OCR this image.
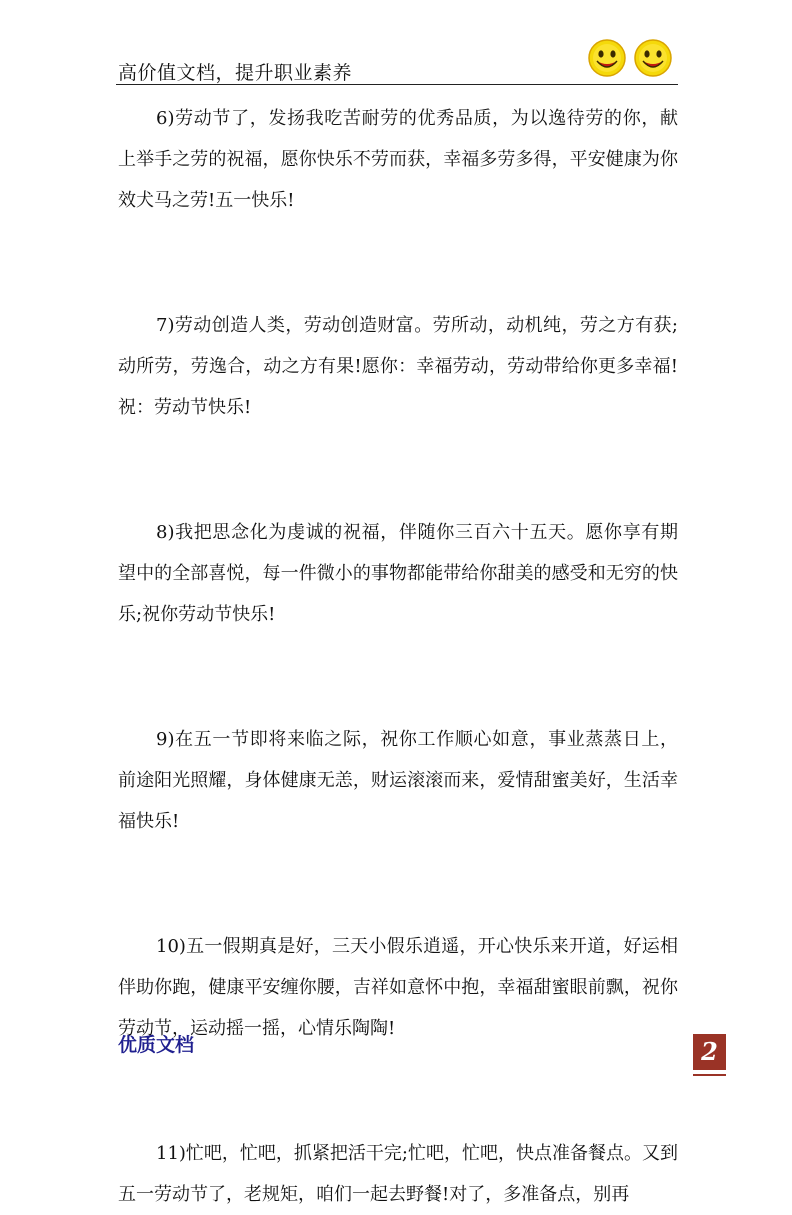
高价值文档，提升职业素养

6)劳动节了，发扬我吃苦耐劳的优秀品质，为以逸待劳的你，献上举手之劳的祝福，愿你快乐不劳而获，幸福多劳多得，平安健康为你效犬马之劳!五一快乐!

7)劳动创造人类，劳动创造财富。劳所动，动机纯，劳之方有获;动所劳，劳逸合，动之方有果!愿你：幸福劳动，劳动带给你更多幸福!祝：劳动节快乐!

8)我把思念化为虔诚的祝福，伴随你三百六十五天。愿你享有期望中的全部喜悦，每一件微小的事物都能带给你甜美的感受和无穷的快乐;祝你劳动节快乐!

9)在五一节即将来临之际，祝你工作顺心如意，事业蒸蒸日上，前途阳光照耀，身体健康无恙，财运滚滚而来，爱情甜蜜美好，生活幸福快乐!

10)五一假期真是好，三天小假乐逍遥，开心快乐来开道，好运相伴助你跑，健康平安缠你腰，吉祥如意怀中抱，幸福甜蜜眼前飘，祝你劳动节，运动摇一摇，心情乐陶陶!

11)忙吧，忙吧，抓紧把活干完;忙吧，忙吧，快点准备餐点。又到五一劳动节了，老规矩，咱们一起去野餐!对了，多准备点，别再

优质文档	2
